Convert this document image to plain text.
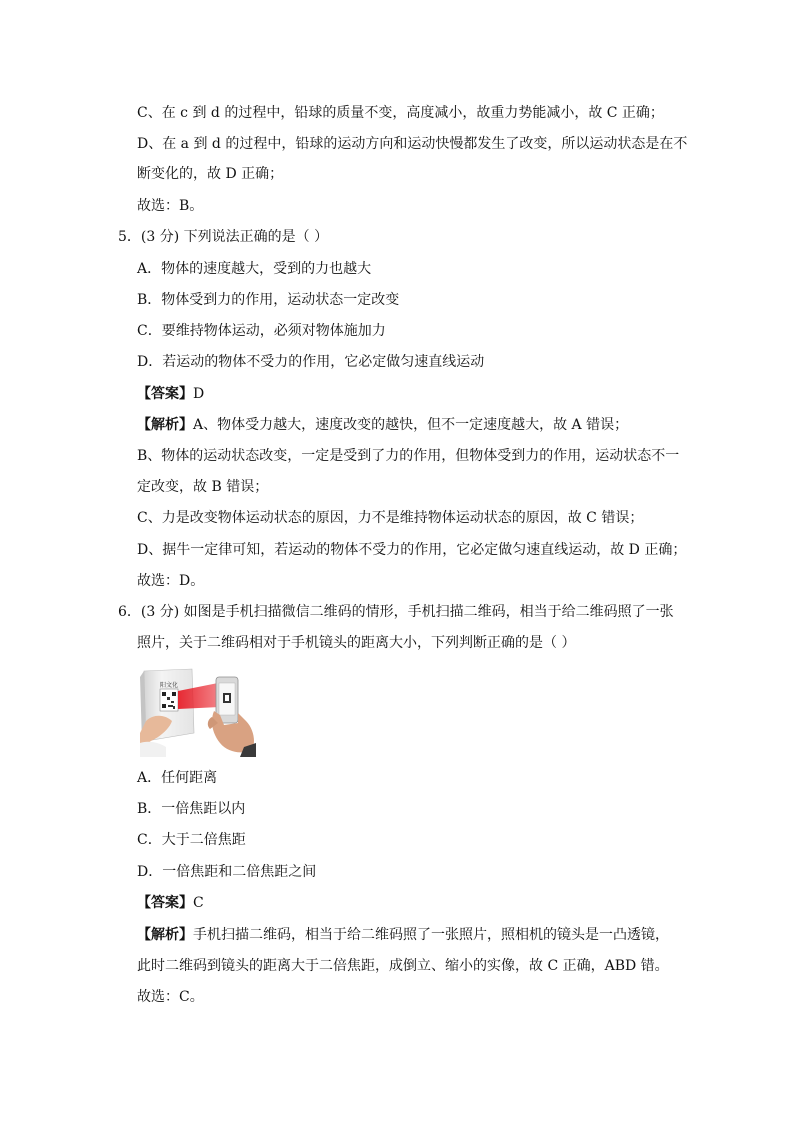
C、在 c 到 d 的过程中，铅球的质量不变，高度减小，故重力势能减小，故 C 正确；
D、在 a 到 d 的过程中，铅球的运动方向和运动快慢都发生了改变，所以运动状态是在不
断变化的，故 D 正确；
故选：B。
5．(3 分) 下列说法正确的是（ ）
A．物体的速度越大，受到的力也越大
B．物体受到力的作用，运动状态一定改变
C．要维持物体运动，必须对物体施加力
D．若运动的物体不受力的作用，它必定做匀速直线运动
【答案】D
【解析】A、物体受力越大，速度改变的越快，但不一定速度越大，故 A 错误；
B、物体的运动状态改变，一定是受到了力的作用，但物体受到力的作用，运动状态不一
定改变，故 B 错误；
C、力是改变物体运动状态的原因，力不是维持物体运动状态的原因，故 C 错误；
D、据牛一定律可知，若运动的物体不受力的作用，它必定做匀速直线运动，故 D 正确；
故选：D。
6．(3 分) 如图是手机扫描微信二维码的情形，手机扫描二维码，相当于给二维码照了一张
照片，关于二维码相对于手机镜头的距离大小，下列判断正确的是（ ）
阳文化
A．任何距离
B．一倍焦距以内
C．大于二倍焦距
D．一倍焦距和二倍焦距之间
【答案】C
【解析】手机扫描二维码，相当于给二维码照了一张照片，照相机的镜头是一凸透镜，
此时二维码到镜头的距离大于二倍焦距，成倒立、缩小的实像，故 C 正确，ABD 错。
故选：C。
